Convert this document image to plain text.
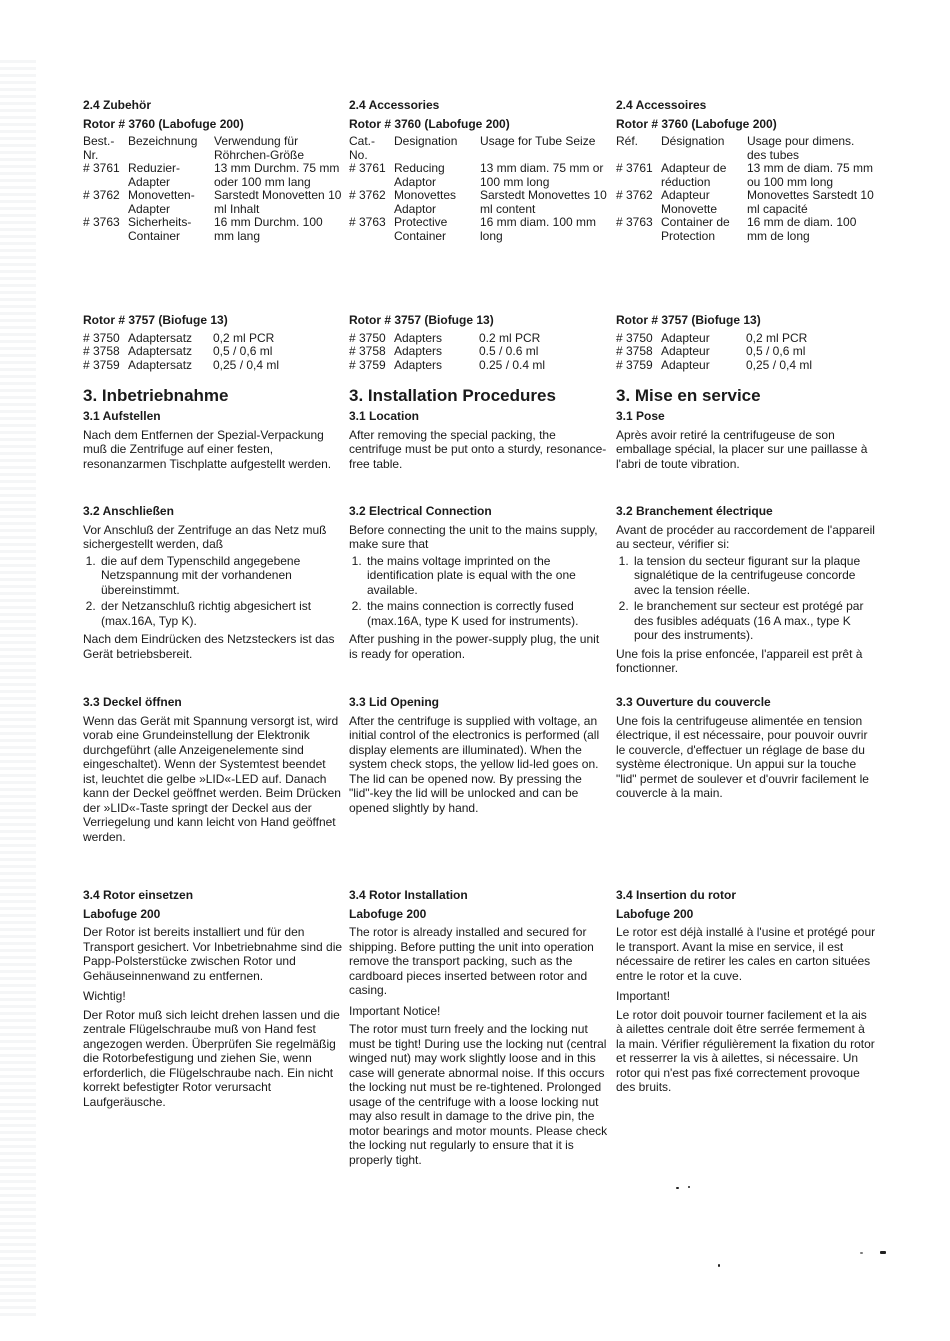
2.4 Zubehör
Rotor # 3760 (Labofuge 200)
Best.- Nr.	Bezeichnung	Verwendung für Röhrchen-Größe
# 3761	Reduzier-Adapter	13 mm Durchm. 75 mm oder 100 mm lang
# 3762	Monovetten-Adapter	Sarstedt Monovetten 10 ml Inhalt
# 3763	Sicherheits-Container	16 mm Durchm. 100 mm lang
Rotor # 3757 (Biofuge 13)
# 3750	Adaptersatz	0,2 ml PCR
# 3758	Adaptersatz	0,5 / 0,6 ml
# 3759	Adaptersatz	0,25 / 0,4 ml
3. Inbetriebnahme
3.1 Aufstellen
Nach dem Entfernen der Spezial-Verpackung muß die Zentrifuge auf einer festen, resonanzarmen Tischplatte aufgestellt werden.
3.2 Anschließen
Vor Anschluß der Zentrifuge an das Netz muß sichergestellt werden, daß
1. die auf dem Typenschild angegebene Netzspannung mit der vorhandenen übereinstimmt.
2. der Netzanschluß richtig abgesichert ist (max.16A, Typ K).
Nach dem Eindrücken des Netzsteckers ist das Gerät betriebsbereit.
3.3 Deckel öffnen
Wenn das Gerät mit Spannung versorgt ist, wird vorab eine Grundeinstellung der Elektronik durchgeführt (alle Anzeigenelemente sind eingeschaltet). Wenn der Systemtest beendet ist, leuchtet die gelbe »LID«-LED auf. Danach kann der Deckel geöffnet werden. Beim Drücken der »LID«-Taste springt der Deckel aus der Verriegelung und kann leicht von Hand geöffnet werden.
3.4 Rotor einsetzen
Labofuge 200
Der Rotor ist bereits installiert und für den Transport gesichert. Vor Inbetriebnahme sind die Papp-Polsterstücke zwischen Rotor und Gehäuseinnenwand zu entfernen.
Wichtig!
Der Rotor muß sich leicht drehen lassen und die zentrale Flügelschraube muß von Hand fest angezogen werden. Überprüfen Sie regelmäßig die Rotorbefestigung und ziehen Sie, wenn erforderlich, die Flügelschraube nach. Ein nicht korrekt befestigter Rotor verursacht Laufgeräusche.
2.4 Accessories
Rotor # 3760 (Labofuge 200)
Cat.- No.	Designation	Usage for Tube Seize
# 3761	Reducing Adaptor	13 mm diam. 75 mm or 100 mm long
# 3762	Monovettes Adaptor	Sarstedt Monovettes 10 ml content
# 3763	Protective Container	16 mm diam. 100 mm long
Rotor # 3757 (Biofuge 13)
# 3750	Adapters	0.2 ml PCR
# 3758	Adapters	0.5 / 0.6 ml
# 3759	Adapters	0.25 / 0.4 ml
3. Installation Procedures
3.1 Location
After removing the special packing, the centrifuge must be put onto a sturdy, resonance-free table.
3.2 Electrical Connection
Before connecting the unit to the mains supply, make sure that
1. the mains voltage imprinted on the identification plate is equal with the one available.
2. the mains connection is correctly fused (max.16A, type K used for instruments).
After pushing in the power-supply plug, the unit is ready for operation.
3.3 Lid Opening
After the centrifuge is supplied with voltage, an initial control of the electronics is performed (all display elements are illuminated). When the system check stops, the yellow lid-led goes on. The lid can be opened now. By pressing the "lid"-key the lid will be unlocked and can be opened slightly by hand.
3.4 Rotor Installation
Labofuge 200
The rotor is already installed and secured for shipping. Before putting the unit into operation remove the transport packing, such as the cardboard pieces inserted between rotor and casing.
Important Notice!
The rotor must turn freely and the locking nut must be tight! During use the locking nut (central winged nut) may work slightly loose and in this case will generate abnormal noise. If this occurs the locking nut must be re-tightened. Prolonged usage of the centrifuge with a loose locking nut may also result in damage to the drive pin, the motor bearings and motor mounts. Please check the locking nut regularly to ensure that it is properly tight.
2.4 Accessoires
Rotor # 3760 (Labofuge 200)
Réf.	Désignation	Usage pour dimens. des tubes
# 3761	Adapteur de réduction	13 mm de diam. 75 mm ou 100 mm long
# 3762	Adapteur Monovette	Monovettes Sarstedt 10 ml capacité
# 3763	Container de Protection	16 mm de diam. 100 mm de long
Rotor # 3757 (Biofuge 13)
# 3750	Adapteur	0,2 ml PCR
# 3758	Adapteur	0,5 / 0,6 ml
# 3759	Adapteur	0,25 / 0,4 ml
3. Mise en service
3.1 Pose
Après avoir retiré la centrifugeuse de son emballage spécial, la placer sur une paillasse à l'abri de toute vibration.
3.2 Branchement électrique
Avant de procéder au raccordement de l'appareil au secteur, vérifier si:
1. la tension du secteur figurant sur la plaque signalétique de la centrifugeuse concorde avec la tension réelle.
2. le branchement sur secteur est protégé par des fusibles adéquats (16 A max., type K pour des instruments).
Une fois la prise enfoncée, l'appareil est prêt à fonctionner.
3.3 Ouverture du couvercle
Une fois la centrifugeuse alimentée en tension électrique, il est nécessaire, pour pouvoir ouvrir le couvercle, d'effectuer un réglage de base du système électronique. Un appui sur la touche "lid" permet de soulever et d'ouvrir facilement le couvercle à la main.
3.4 Insertion du rotor
Labofuge 200
Le rotor est déjà installé à l'usine et protégé pour le transport. Avant la mise en service, il est nécessaire de retirer les cales en carton situées entre le rotor et la cuve.
Important!
Le rotor doit pouvoir tourner facilement et la ais à ailettes centrale doit être serrée fermement à la main. Vérifier régulièrement la fixation du rotor et resserrer la vis à ailettes, si nécessaire. Un rotor qui n'est pas fixé correctement provoque des bruits.
